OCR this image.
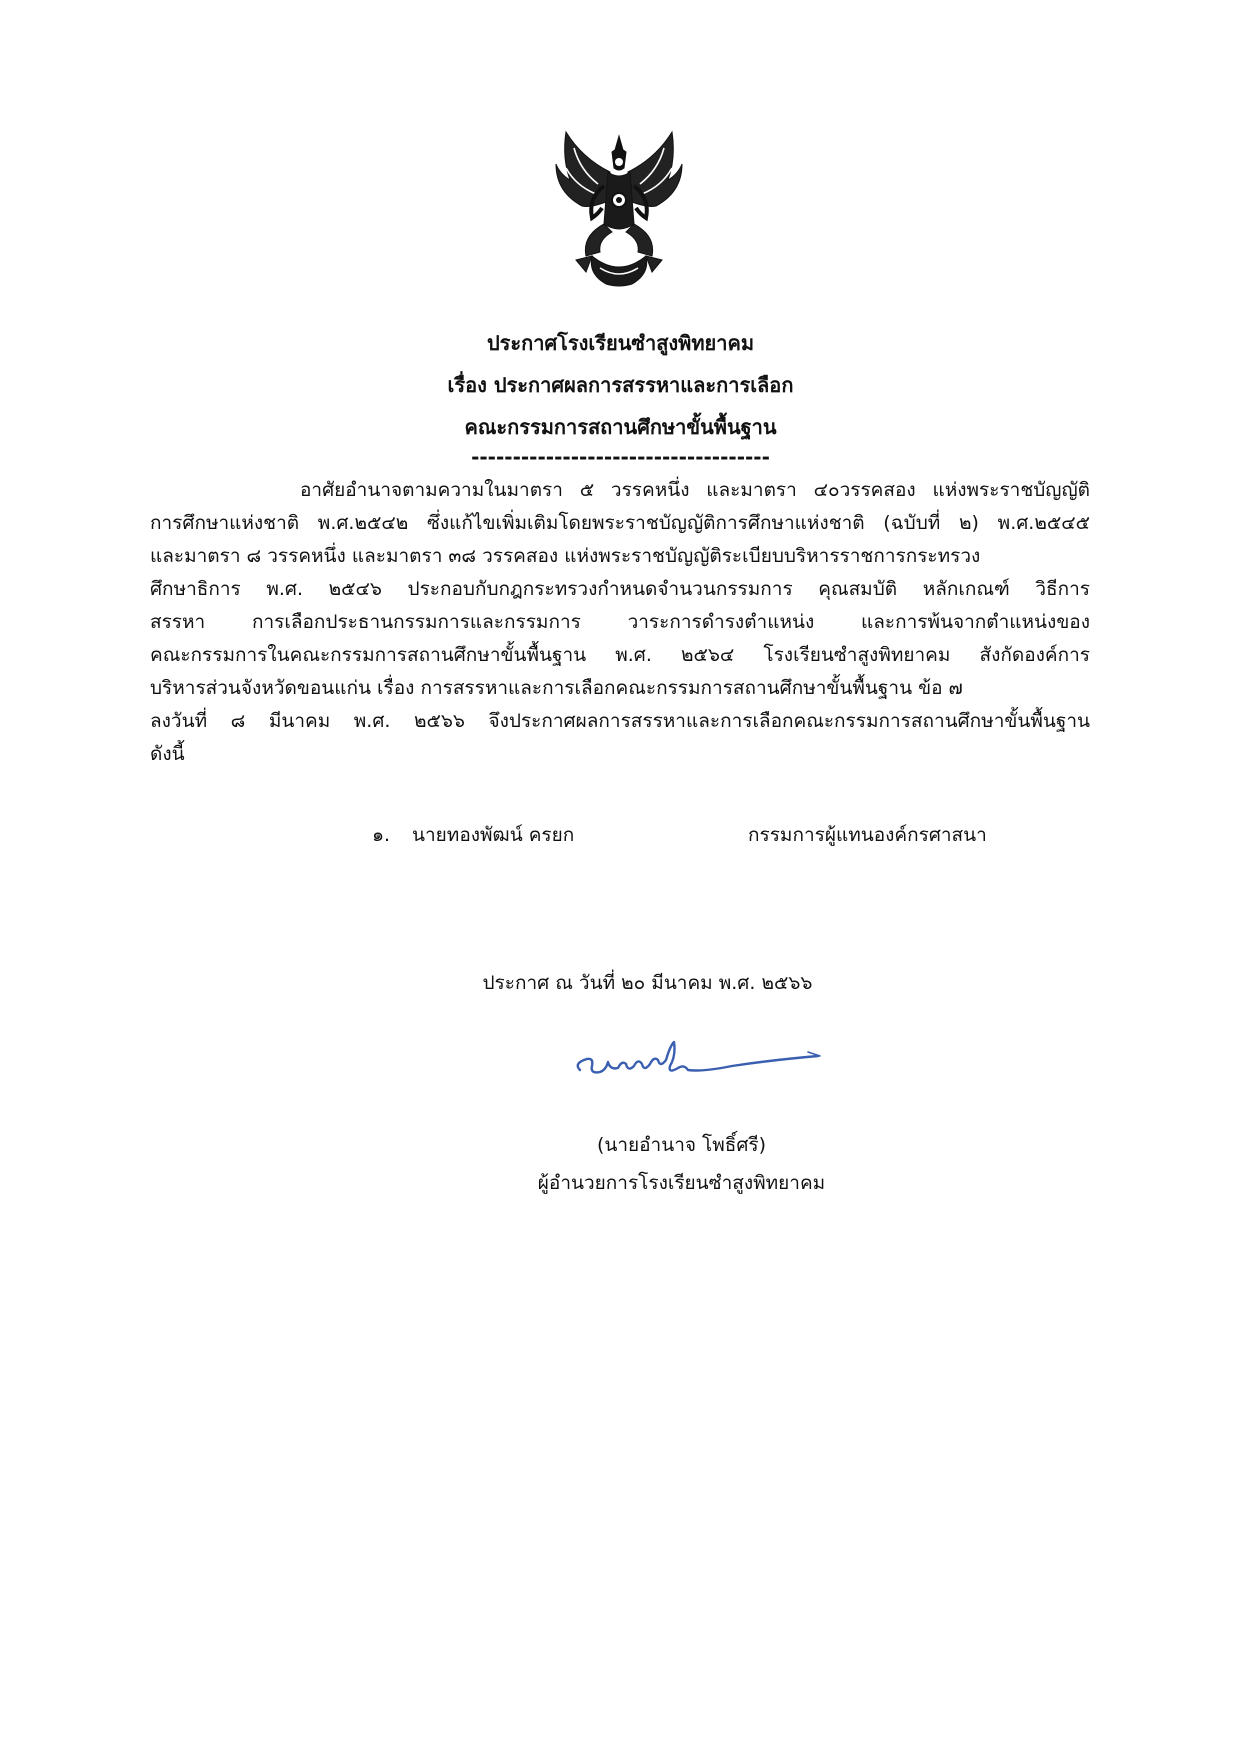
ประกาศโรงเรียนซำสูงพิทยาคม
เรื่อง ประกาศผลการสรรหาและการเลือก
คณะกรรมการสถานศึกษาขั้นพื้นฐาน
------------------------------------
อาศัยอำนาจตามความในมาตรา ๕ วรรคหนึ่ง และมาตรา ๔๐วรรคสอง แห่งพระราชบัญญัติ
การศึกษาแห่งชาติ พ.ศ.๒๕๔๒ ซึ่งแก้ไขเพิ่มเติมโดยพระราชบัญญัติการศึกษาแห่งชาติ (ฉบับที่ ๒) พ.ศ.๒๕๔๕
และมาตรา ๘ วรรคหนึ่ง และมาตรา ๓๘ วรรคสอง แห่งพระราชบัญญัติระเบียบบริหารราชการกระทรวง
ศึกษาธิการ พ.ศ. ๒๕๔๖ ประกอบกับกฎกระทรวงกำหนดจำนวนกรรมการ คุณสมบัติ หลักเกณฑ์ วิธีการ
สรรหา การเลือกประธานกรรมการและกรรมการ วาระการดำรงตำแหน่ง และการพ้นจากตำแหน่งของ
คณะกรรมการในคณะกรรมการสถานศึกษาขั้นพื้นฐาน พ.ศ. ๒๕๖๔ โรงเรียนซำสูงพิทยาคม สังกัดองค์การ
บริหารส่วนจังหวัดขอนแก่น เรื่อง การสรรหาและการเลือกคณะกรรมการสถานศึกษาขั้นพื้นฐาน ข้อ ๗
ลงวันที่ ๘ มีนาคม พ.ศ. ๒๕๖๖ จึงประกาศผลการสรรหาและการเลือกคณะกรรมการสถานศึกษาขั้นพื้นฐาน
ดังนี้
๑. นายทองพัฒน์ ครยก	กรรมการผู้แทนองค์กรศาสนา
ประกาศ ณ วันที่ ๒๐ มีนาคม พ.ศ. ๒๕๖๖
(นายอำนาจ โพธิ์ศรี)
ผู้อำนวยการโรงเรียนซำสูงพิทยาคม
